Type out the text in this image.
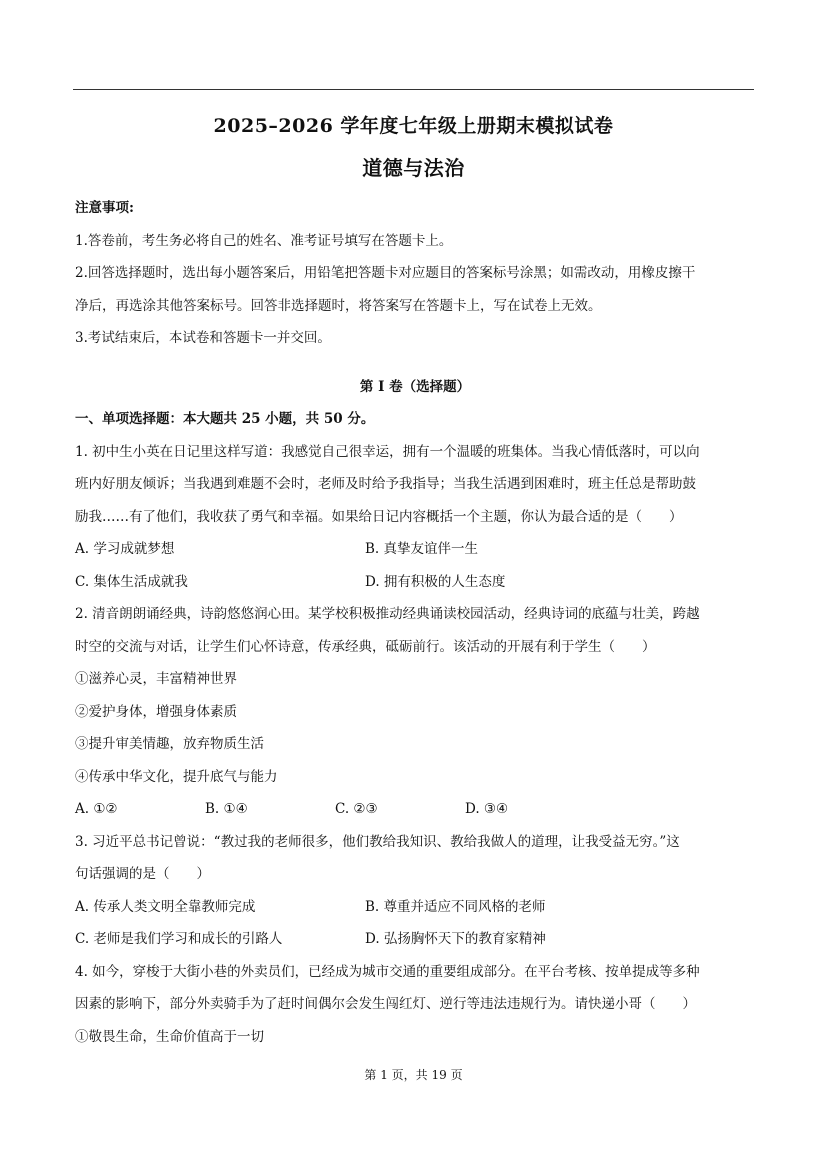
2025–2026 学年度七年级上册期末模拟试卷
道德与法治

注意事项:

1.答卷前，考生务必将自己的姓名、准考证号填写在答题卡上。

2.回答选择题时，选出每小题答案后，用铅笔把答题卡对应题目的答案标号涂黑；如需改动，用橡皮擦干

净后，再选涂其他答案标号。回答非选择题时，将答案写在答题卡上，写在试卷上无效。

3.考试结束后，本试卷和答题卡一并交回。

第 I 卷（选择题）

一、单项选择题：本大题共 25 小题，共 50 分。

1. 初中生小英在日记里这样写道：我感觉自己很幸运，拥有一个温暖的班集体。当我心情低落时，可以向

班内好朋友倾诉；当我遇到难题不会时，老师及时给予我指导；当我生活遇到困难时，班主任总是帮助鼓

励我……有了他们，我收获了勇气和幸福。如果给日记内容概括一个主题，你认为最合适的是（　　）

A. 学习成就梦想	B. 真挚友谊伴一生
C. 集体生活成就我	D. 拥有积极的人生态度

2. 清音朗朗诵经典，诗韵悠悠润心田。某学校积极推动经典诵读校园活动，经典诗词的底蕴与壮美，跨越

时空的交流与对话，让学生们心怀诗意，传承经典，砥砺前行。该活动的开展有利于学生（　　）

①滋养心灵，丰富精神世界

②爱护身体，增强身体素质

③提升审美情趣，放弃物质生活

④传承中华文化，提升底气与能力

A. ①②	B. ①④	C. ②③	D. ③④

3. 习近平总书记曾说：“教过我的老师很多，他们教给我知识、教给我做人的道理，让我受益无穷。”这

句话强调的是（　　）

A. 传承人类文明全靠教师完成	B. 尊重并适应不同风格的老师
C. 老师是我们学习和成长的引路人	D. 弘扬胸怀天下的教育家精神

4. 如今，穿梭于大街小巷的外卖员们，已经成为城市交通的重要组成部分。在平台考核、按单提成等多种

因素的影响下，部分外卖骑手为了赶时间偶尔会发生闯红灯、逆行等违法违规行为。请快递小哥（　　）

①敬畏生命，生命价值高于一切

第 1 页，共 19 页
